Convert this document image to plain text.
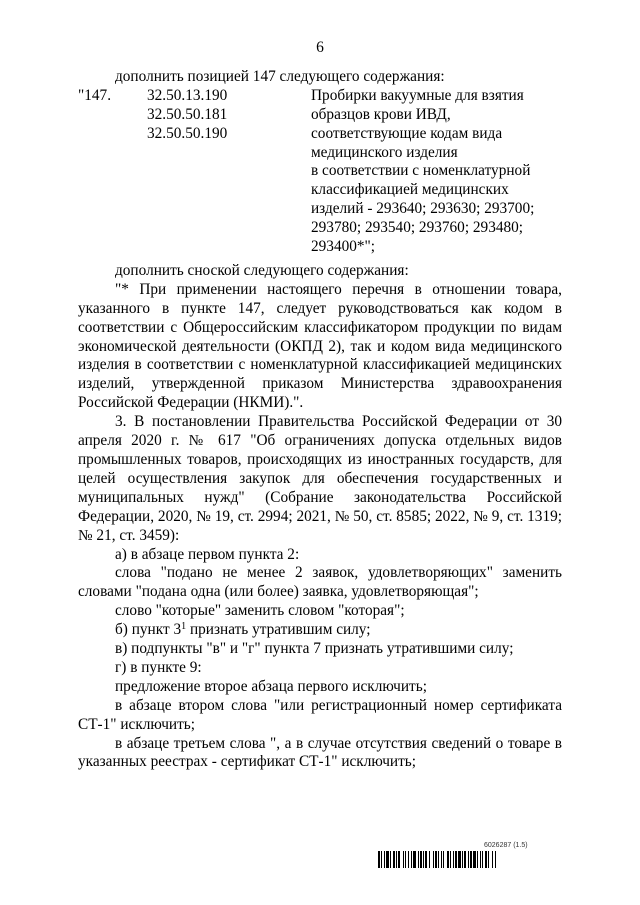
6

дополнить позицией 147 следующего содержания:

"147. 32.50.13.190
32.50.50.181
32.50.50.190
Пробирки вакуумные для взятия
образцов крови ИВД,
соответствующие кодам вида
медицинского изделия
в соответствии с номенклатурной
классификацией медицинских
изделий - 293640; 293630; 293700;
293780; 293540; 293760; 293480;
293400*";

дополнить сноской следующего содержания:

"* При применении настоящего перечня в отношении товара, указанного в пункте 147, следует руководствоваться как кодом в соответствии с Общероссийским классификатором продукции по видам экономической деятельности (ОКПД 2), так и кодом вида медицинского изделия в соответствии с номенклатурной классификацией медицинских изделий, утвержденной приказом Министерства здравоохранения Российской Федерации (НКМИ).".

3. В постановлении Правительства Российской Федерации от 30 апреля 2020 г. № 617 "Об ограничениях допуска отдельных видов промышленных товаров, происходящих из иностранных государств, для целей осуществления закупок для обеспечения государственных и муниципальных нужд" (Собрание законодательства Российской Федерации, 2020, № 19, ст. 2994; 2021, № 50, ст. 8585; 2022, № 9, ст. 1319; № 21, ст. 3459):

а) в абзаце первом пункта 2:

слова "подано не менее 2 заявок, удовлетворяющих" заменить словами "подана одна (или более) заявка, удовлетворяющая";

слово "которые" заменить словом "которая";

б) пункт $3^1$ признать утратившим силу;

в) подпункты "в" и "г" пункта 7 признать утратившими силу;

г) в пункте 9:

предложение второе абзаца первого исключить;

в абзаце втором слова "или регистрационный номер сертификата СТ-1" исключить;

в абзаце третьем слова ", а в случае отсутствия сведений о товаре в указанных реестрах - сертификат СТ-1" исключить;

6026287 (1.5)
